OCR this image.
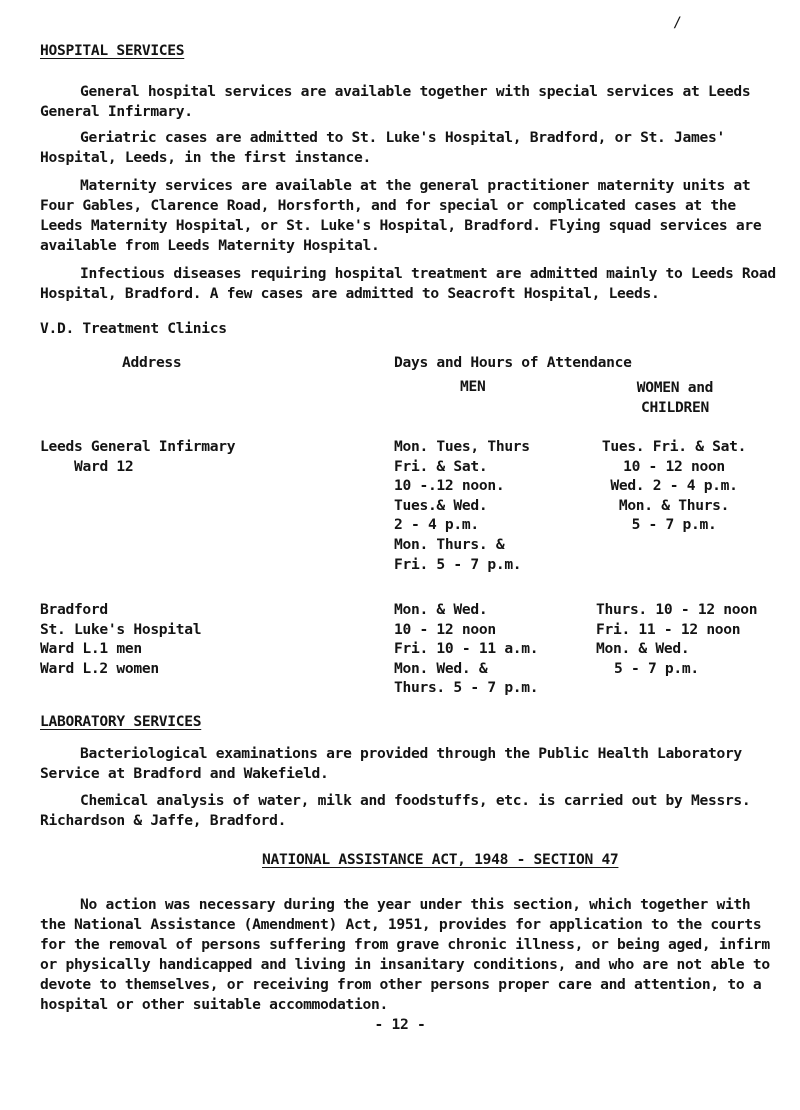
/
HOSPITAL SERVICES
General hospital services are available together with special services at Leeds General Infirmary.
Geriatric cases are admitted to St. Luke's Hospital, Bradford, or St. James' Hospital, Leeds, in the first instance.
Maternity services are available at the general practitioner maternity units at Four Gables, Clarence Road, Horsforth, and for special or complicated cases at the Leeds Maternity Hospital, or St. Luke's Hospital, Bradford. Flying squad services are available from Leeds Maternity Hospital.
Infectious diseases requiring hospital treatment are admitted mainly to Leeds Road Hospital, Bradford. A few cases are admitted to Seacroft Hospital, Leeds.
V.D. Treatment Clinics
Address	Days and Hours of Attendance
MEN	WOMEN and
CHILDREN
Leeds General Infirmary
Ward 12
Mon. Tues, Thurs
Fri. & Sat.
10 -.12 noon.
Tues.& Wed.
2 - 4 p.m.
Mon. Thurs. &
Fri. 5 - 7 p.m.
Tues. Fri. & Sat.
10 - 12 noon
Wed. 2 - 4 p.m.
Mon. & Thurs.
5 - 7 p.m.
Bradford
St. Luke's Hospital
Ward L.1 men
Ward L.2 women
Mon. & Wed.
10 - 12 noon
Fri. 10 - 11 a.m.
Mon. Wed. &
Thurs. 5 - 7 p.m.
Thurs. 10 - 12 noon
Fri. 11 - 12 noon
Mon. & Wed.
5 - 7 p.m.
LABORATORY SERVICES
Bacteriological examinations are provided through the Public Health Laboratory Service at Bradford and Wakefield.
Chemical analysis of water, milk and foodstuffs, etc. is carried out by Messrs. Richardson & Jaffe, Bradford.
NATIONAL ASSISTANCE ACT, 1948 - SECTION 47
No action was necessary during the year under this section, which together with the National Assistance (Amendment) Act, 1951, provides for application to the courts for the removal of persons suffering from grave chronic illness, or being aged, infirm or physically handicapped and living in insanitary conditions, and who are not able to devote to themselves, or receiving from other persons proper care and attention, to a hospital or other suitable accommodation.
- 12 -
